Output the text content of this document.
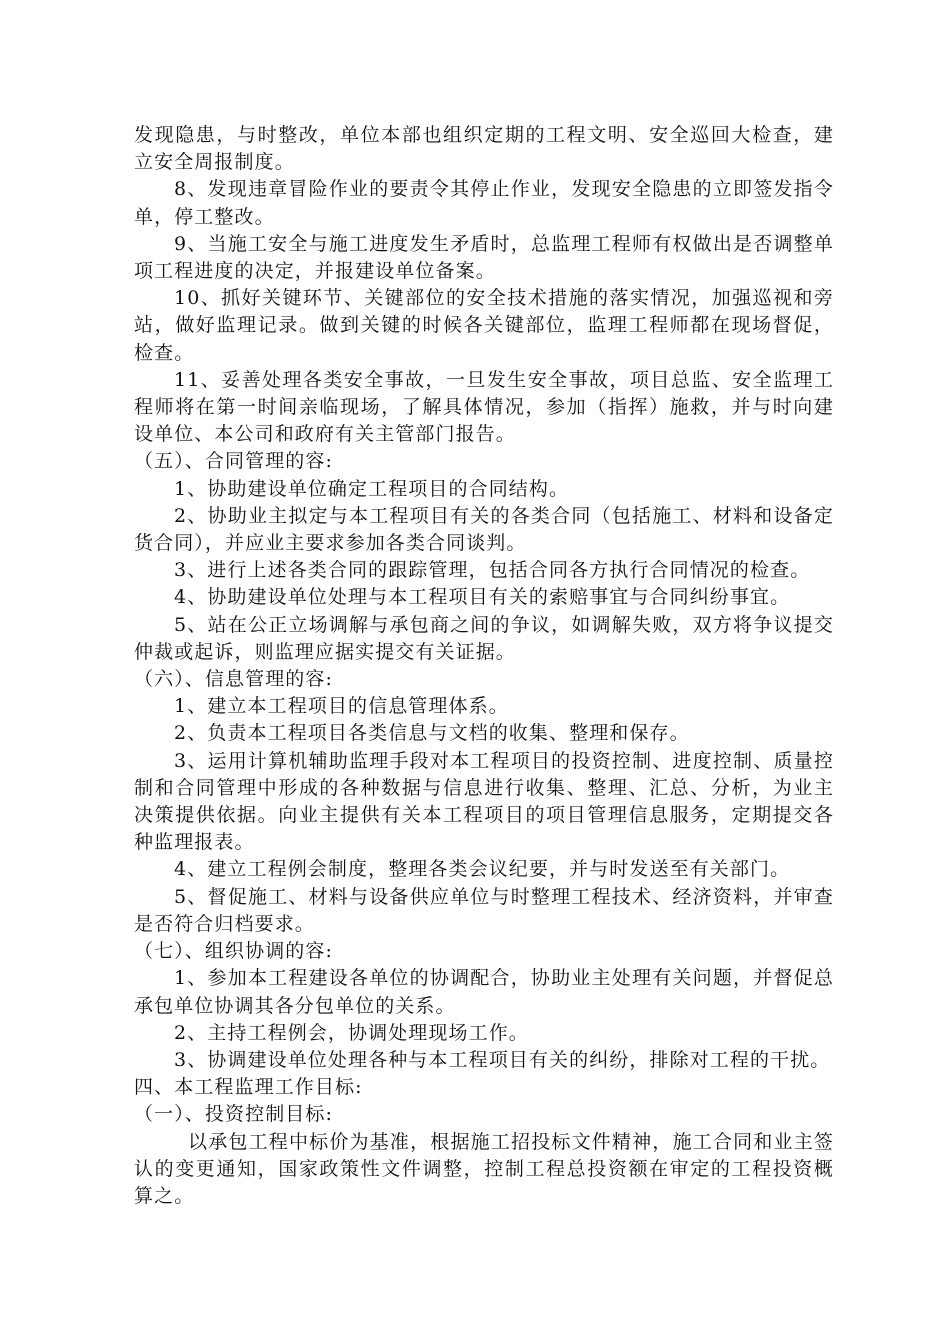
发现隐患，与时整改，单位本部也组织定期的工程文明、安全巡回大检查，建立安全周报制度。

8、发现违章冒险作业的要责令其停止作业，发现安全隐患的立即签发指令单，停工整改。

9、当施工安全与施工进度发生矛盾时，总监理工程师有权做出是否调整单项工程进度的决定，并报建设单位备案。

10、抓好关键环节、关键部位的安全技术措施的落实情况，加强巡视和旁站，做好监理记录。做到关键的时候各关键部位，监理工程师都在现场督促，检查。

11、妥善处理各类安全事故，一旦发生安全事故，项目总监、安全监理工程师将在第一时间亲临现场，了解具体情况，参加（指挥）施救，并与时向建设单位、本公司和政府有关主管部门报告。

（五）、合同管理的容:

1、协助建设单位确定工程项目的合同结构。

2、协助业主拟定与本工程项目有关的各类合同（包括施工、材料和设备定货合同），并应业主要求参加各类合同谈判。

3、进行上述各类合同的跟踪管理，包括合同各方执行合同情况的检查。

4、协助建设单位处理与本工程项目有关的索赔事宜与合同纠纷事宜。

5、站在公正立场调解与承包商之间的争议，如调解失败，双方将争议提交仲裁或起诉，则监理应据实提交有关证据。

（六）、信息管理的容:

1、建立本工程项目的信息管理体系。

2、负责本工程项目各类信息与文档的收集、整理和保存。

3、运用计算机辅助监理手段对本工程项目的投资控制、进度控制、质量控制和合同管理中形成的各种数据与信息进行收集、整理、汇总、分析，为业主决策提供依据。向业主提供有关本工程项目的项目管理信息服务，定期提交各种监理报表。

4、建立工程例会制度，整理各类会议纪要，并与时发送至有关部门。

5、督促施工、材料与设备供应单位与时整理工程技术、经济资料，并审查是否符合归档要求。

（七）、组织协调的容:

1、参加本工程建设各单位的协调配合，协助业主处理有关问题，并督促总承包单位协调其各分包单位的关系。

2、主持工程例会，协调处理现场工作。

3、协调建设单位处理各种与本工程项目有关的纠纷，排除对工程的干扰。

四、本工程监理工作目标:

（一）、投资控制目标:

以承包工程中标价为基准，根据施工招投标文件精神，施工合同和业主签认的变更通知，国家政策性文件调整，控制工程总投资额在审定的工程投资概算之。
